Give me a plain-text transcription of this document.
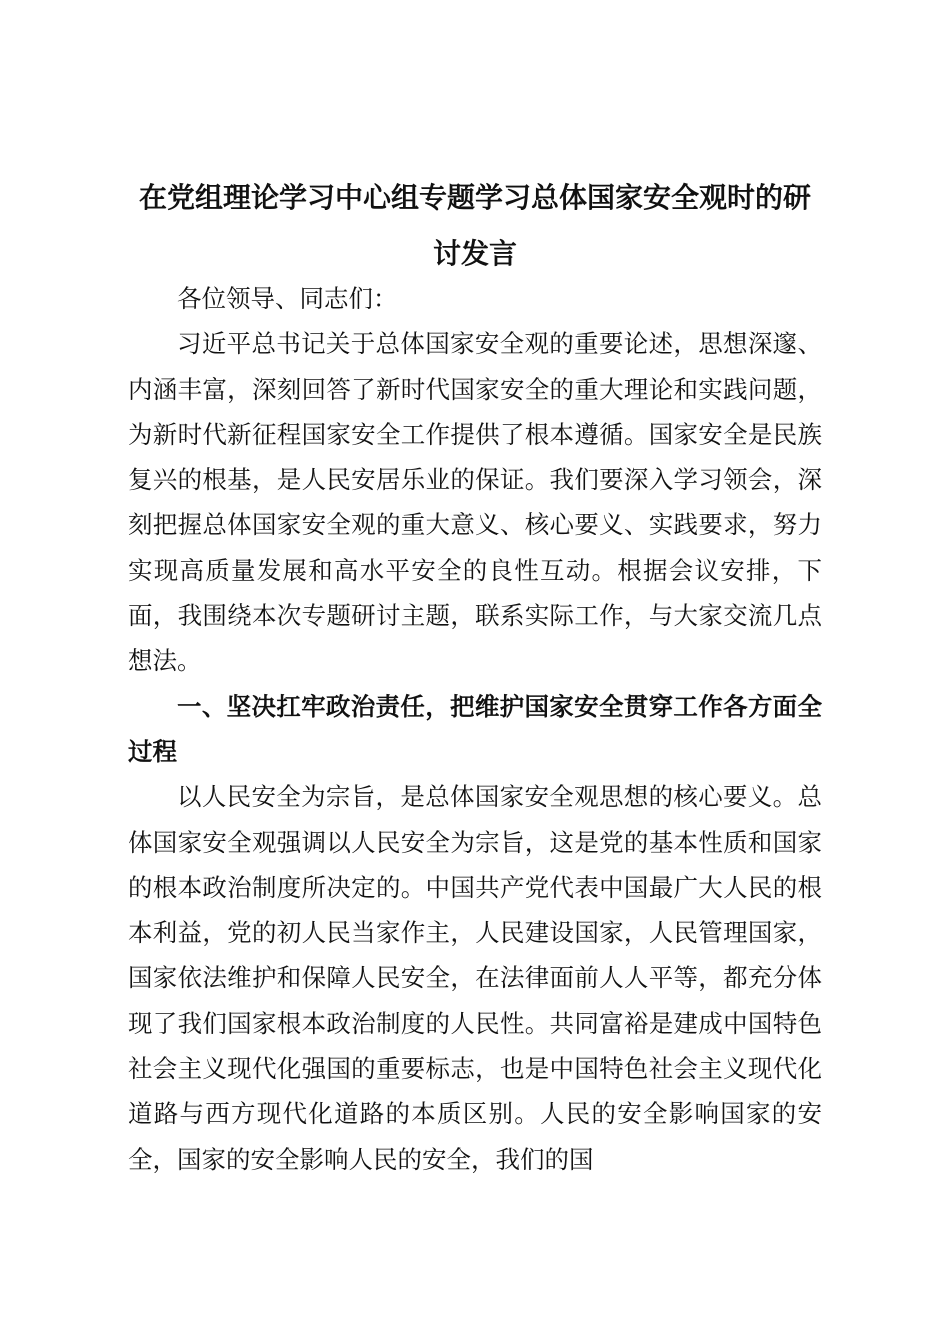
在党组理论学习中心组专题学习总体国家安全观时的研讨发言

各位领导、同志们：

习近平总书记关于总体国家安全观的重要论述，思想深邃、内涵丰富，深刻回答了新时代国家安全的重大理论和实践问题，为新时代新征程国家安全工作提供了根本遵循。国家安全是民族复兴的根基，是人民安居乐业的保证。我们要深入学习领会，深刻把握总体国家安全观的重大意义、核心要义、实践要求，努力实现高质量发展和高水平安全的良性互动。根据会议安排，下面，我围绕本次专题研讨主题，联系实际工作，与大家交流几点想法。

一、坚决扛牢政治责任，把维护国家安全贯穿工作各方面全过程

以人民安全为宗旨，是总体国家安全观思想的核心要义。总体国家安全观强调以人民安全为宗旨，这是党的基本性质和国家的根本政治制度所决定的。中国共产党代表中国最广大人民的根本利益，党的初人民当家作主，人民建设国家，人民管理国家，国家依法维护和保障人民安全，在法律面前人人平等，都充分体现了我们国家根本政治制度的人民性。共同富裕是建成中国特色社会主义现代化强国的重要标志，也是中国特色社会主义现代化道路与西方现代化道路的本质区别。人民的安全影响国家的安全，国家的安全影响人民的安全，我们的国
